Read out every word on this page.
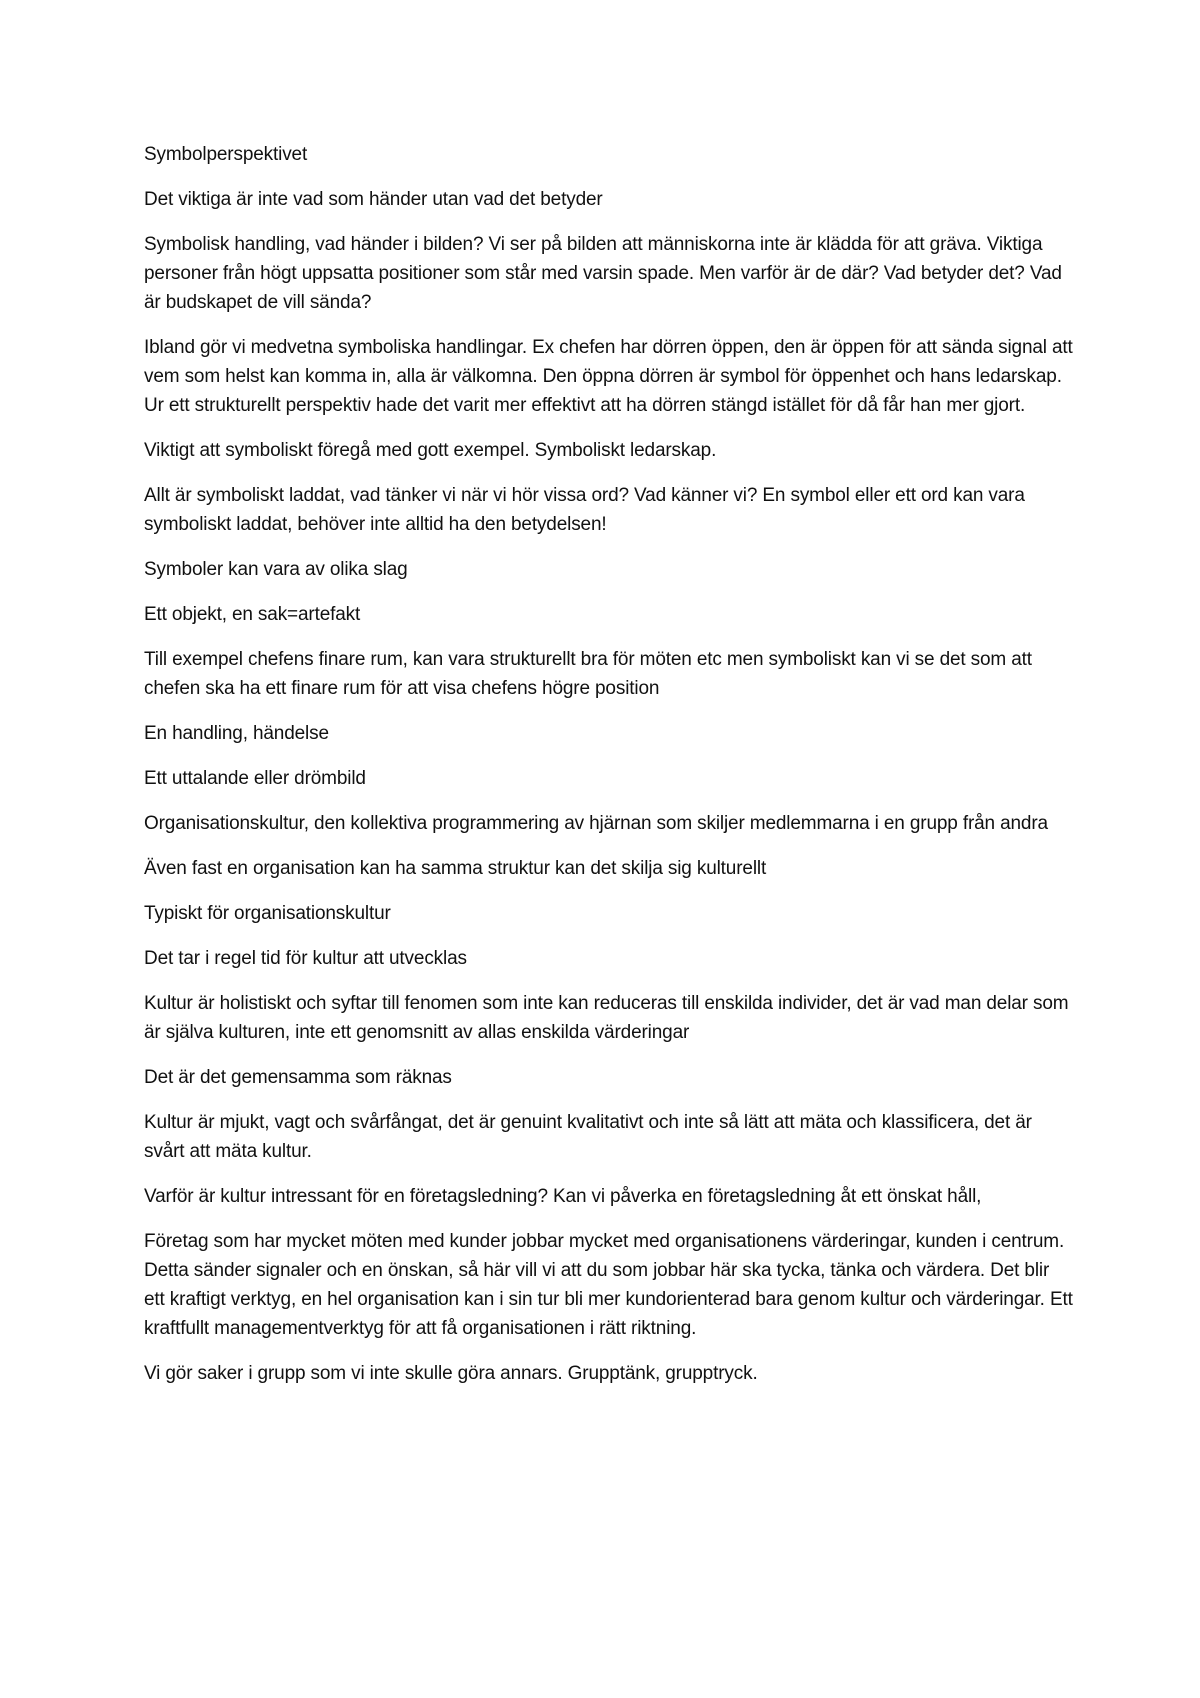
Symbolperspektivet

Det viktiga är inte vad som händer utan vad det betyder

Symbolisk handling, vad händer i bilden? Vi ser på bilden att människorna inte är klädda för att gräva. Viktiga personer från högt uppsatta positioner som står med varsin spade. Men varför är de där? Vad betyder det? Vad är budskapet de vill sända?

Ibland gör vi medvetna symboliska handlingar. Ex chefen har dörren öppen, den är öppen för att sända signal att vem som helst kan komma in, alla är välkomna. Den öppna dörren är symbol för öppenhet och hans ledarskap. Ur ett strukturellt perspektiv hade det varit mer effektivt att ha dörren stängd istället för då får han mer gjort.

Viktigt att symboliskt föregå med gott exempel. Symboliskt ledarskap.

Allt är symboliskt laddat, vad tänker vi när vi hör vissa ord? Vad känner vi? En symbol eller ett ord kan vara symboliskt laddat, behöver inte alltid ha den betydelsen!

Symboler kan vara av olika slag

Ett objekt, en sak=artefakt

Till exempel chefens finare rum, kan vara strukturellt bra för möten etc men symboliskt kan vi se det som att chefen ska ha ett finare rum för att visa chefens högre position

En handling, händelse

Ett uttalande eller drömbild

Organisationskultur, den kollektiva programmering av hjärnan som skiljer medlemmarna i en grupp från andra

Även fast en organisation kan ha samma struktur kan det skilja sig kulturellt

Typiskt för organisationskultur

Det tar i regel tid för kultur att utvecklas

Kultur är holistiskt och syftar till fenomen som inte kan reduceras till enskilda individer, det är vad man delar som är själva kulturen, inte ett genomsnitt av allas enskilda värderingar

Det är det gemensamma som räknas

Kultur är mjukt, vagt och svårfångat, det är genuint kvalitativt och inte så lätt att mäta och klassificera, det är svårt att mäta kultur.

Varför är kultur intressant för en företagsledning? Kan vi påverka en företagsledning åt ett önskat håll,

Företag som har mycket möten med kunder jobbar mycket med organisationens värderingar, kunden i centrum. Detta sänder signaler och en önskan, så här vill vi att du som jobbar här ska tycka, tänka och värdera. Det blir ett kraftigt verktyg, en hel organisation kan i sin tur bli mer kundorienterad bara genom kultur och värderingar. Ett kraftfullt managementverktyg för att få organisationen i rätt riktning.

Vi gör saker i grupp som vi inte skulle göra annars. Grupptänk, grupptryck.
